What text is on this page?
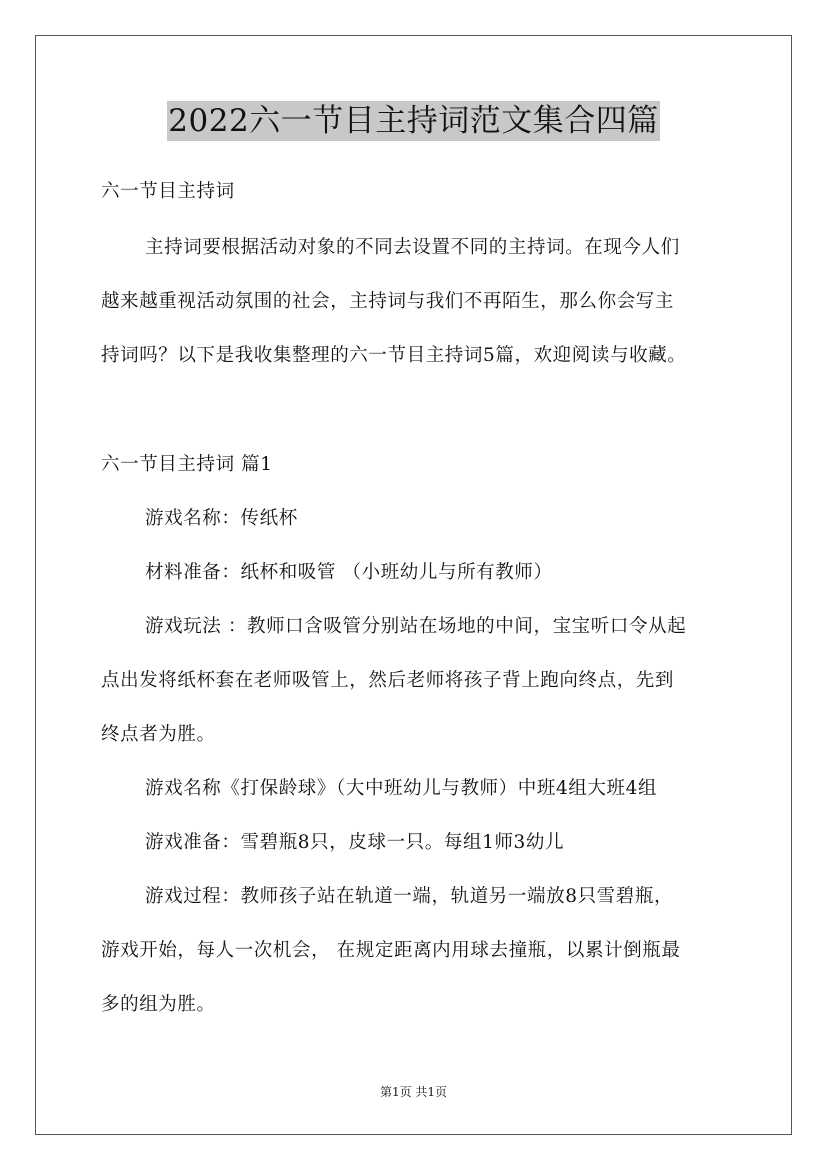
2022六一节目主持词范文集合四篇
六一节目主持词
主持词要根据活动对象的不同去设置不同的主持词。在现今人们
越来越重视活动氛围的社会，主持词与我们不再陌生，那么你会写主
持词吗？以下是我收集整理的六一节目主持词5篇，欢迎阅读与收藏。
六一节目主持词 篇1
游戏名称：传纸杯
材料准备：纸杯和吸管 （小班幼儿与所有教师）
游戏玩法 ：教师口含吸管分别站在场地的中间，宝宝听口令从起
点出发将纸杯套在老师吸管上，然后老师将孩子背上跑向终点，先到
终点者为胜。
游戏名称《打保龄球》（大中班幼儿与教师）中班4组大班4组
游戏准备：雪碧瓶8只，皮球一只。每组1师3幼儿
游戏过程：教师孩子站在轨道一端，轨道另一端放8只雪碧瓶，
游戏开始，每人一次机会， 在规定距离内用球去撞瓶，以累计倒瓶最
多的组为胜。
第1页 共1页
